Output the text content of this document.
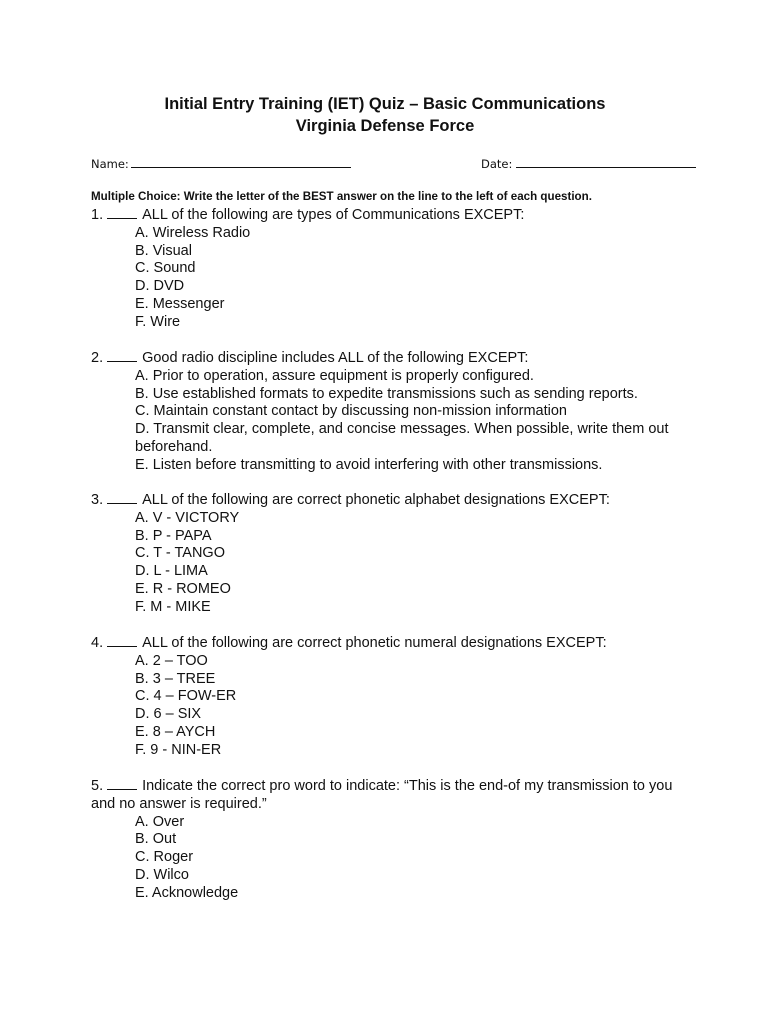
Initial Entry Training (IET) Quiz – Basic Communications
Virginia Defense Force
Name:	Date:
Multiple Choice: Write the letter of the BEST answer on the line to the left of each question.
1.	ALL of the following are types of Communications EXCEPT:
A. Wireless Radio
B. Visual
C. Sound
D. DVD
E. Messenger
F. Wire
2.	Good radio discipline includes ALL of the following EXCEPT:
A. Prior to operation, assure equipment is properly configured.
B. Use established formats to expedite transmissions such as sending reports.
C. Maintain constant contact by discussing non-mission information
D. Transmit clear, complete, and concise messages. When possible, write them out beforehand.
E. Listen before transmitting to avoid interfering with other transmissions.
3.	ALL of the following are correct phonetic alphabet designations EXCEPT:
A. V - VICTORY
B. P - PAPA
C. T - TANGO
D. L - LIMA
E. R - ROMEO
F. M - MIKE
4.	ALL of the following are correct phonetic numeral designations EXCEPT:
A. 2 – TOO
B. 3 – TREE
C. 4 – FOW-ER
D. 6 – SIX
E. 8 – AYCH
F. 9 - NIN-ER
5.	Indicate the correct pro word to indicate: “This is the end-of my transmission to you and no answer is required.”
A. Over
B. Out
C. Roger
D. Wilco
E. Acknowledge
